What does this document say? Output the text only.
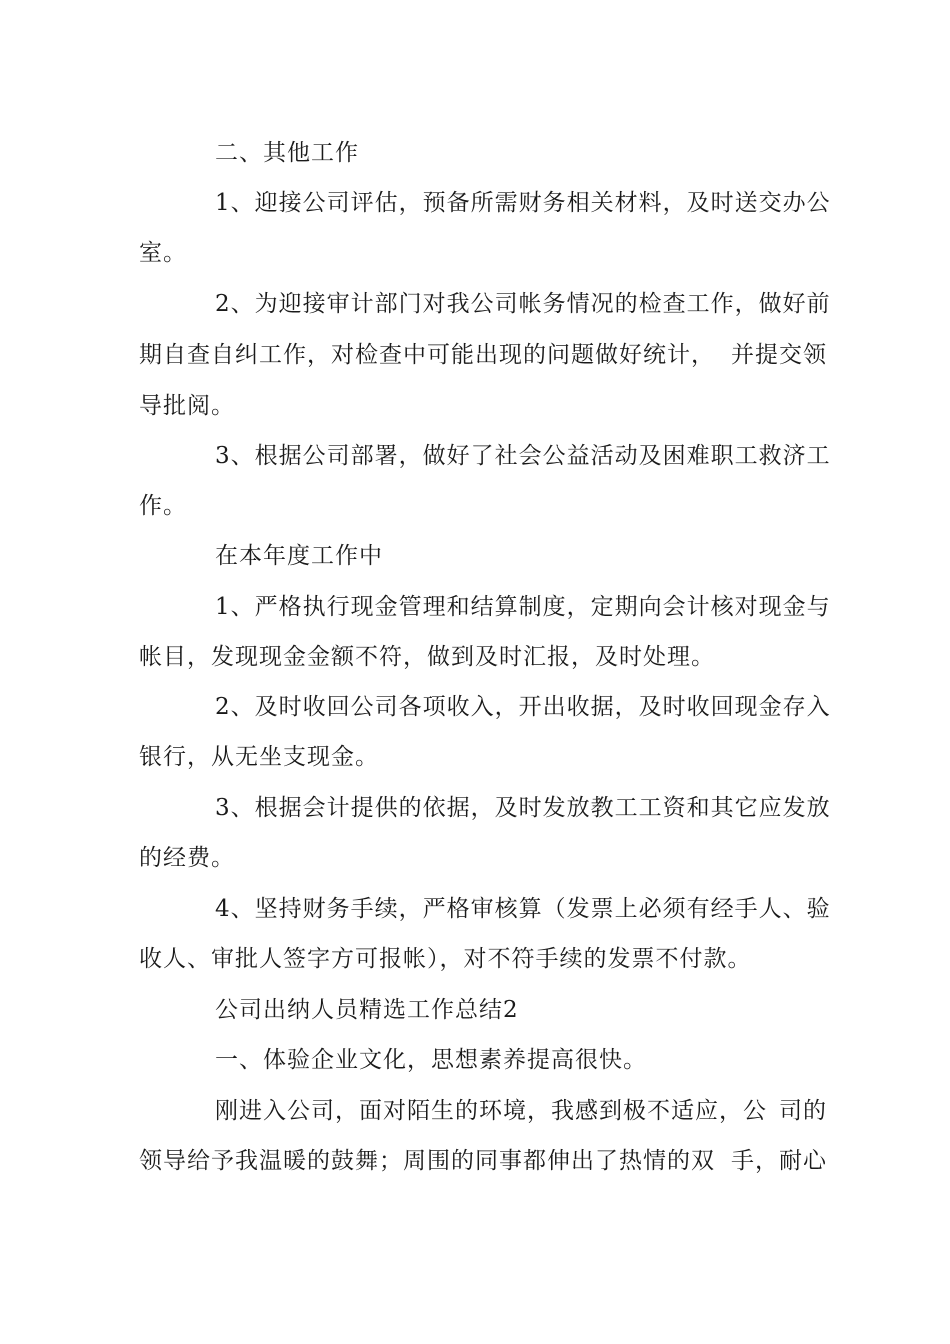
二、其他工作
1、迎接公司评估，预备所需财务相关材料，及时送 交办公
室。
2、为迎接审计部门对我公司帐务情况的检查工作， 做好前
期自查自纠工作，对检查中可能出现的问题做好统计， 并提交领
导批阅。
3、根据公司部署，做好了社会公益活动及困难职工 救济工
作。
在本年度工作中
1、严格执行现金管理和结算制度，定期向会计核对 现金与
帐目，发现现金金额不符，做到及时汇报，及时处理。
2、及时收回公司各项收入，开出收据，及时收回现 金存入
银行，从无坐支现金。
3、根据会计提供的依据，及时发放教工工资和其它 应发放
的经费。
4、坚持财务手续，严格审核算（发票上必须有经手人、 验
收人、审批人签字方可报帐），对不符手续的发票不付款。
公司出纳人员精选工作总结2
一、体验企业文化，思想素养提高很快。
刚进入公司，面对陌生的环境，我感到极不适应，公 司的
领导给予我温暖的鼓舞；周围的同事都伸出了热情的双 手，耐心
